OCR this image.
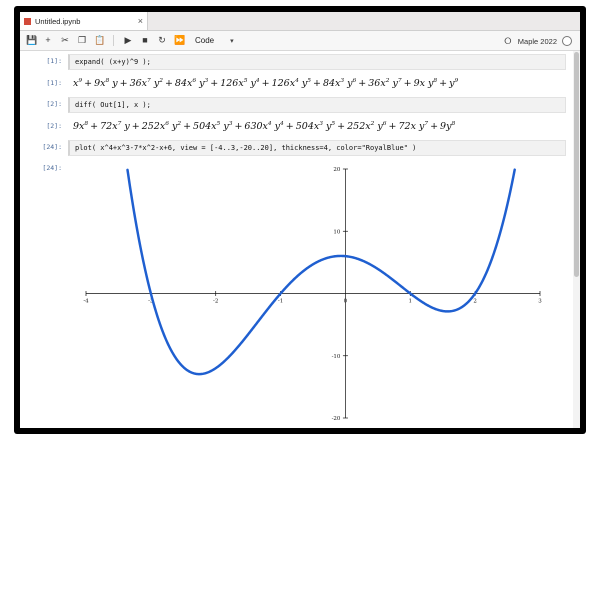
Untitled.ipynb	×
💾 + ✂ ❐ 📋 ▶ ■ ↻ ⏩ Code ▾	⭘ Maple 2022
[1]:	expand( (x+y)^9 );
[1]:	$x^9 + 9x^8$ $y + 36x^7$ $y^2 + 84x^6$ $y^3 + 126x^5$ $y^4 + 126x^4$ $y^5 + 84x^3$ $y^6 + 36x^2$ $y^7 + 9x$ $y^8 + y^9$
[2]:	diff( Out[1], x );
[2]:	$9x^8 + 72x^7$ $y + 252x^6$ $y^2 + 504x^5$ $y^3 + 630x^4$ $y^4 + 504x^3$ $y^5 + 252x^2$ $y^6 + 72x$ $y^7 + 9y^8$
[24]:	plot( x^4+x^3-7*x^2-x+6, view = [-4..3,-20..20], thickness=4, color="RoyalBlue" )
[24]:
-4	-3	-2	-1	0	1	2	3
-20
-10
10
20
